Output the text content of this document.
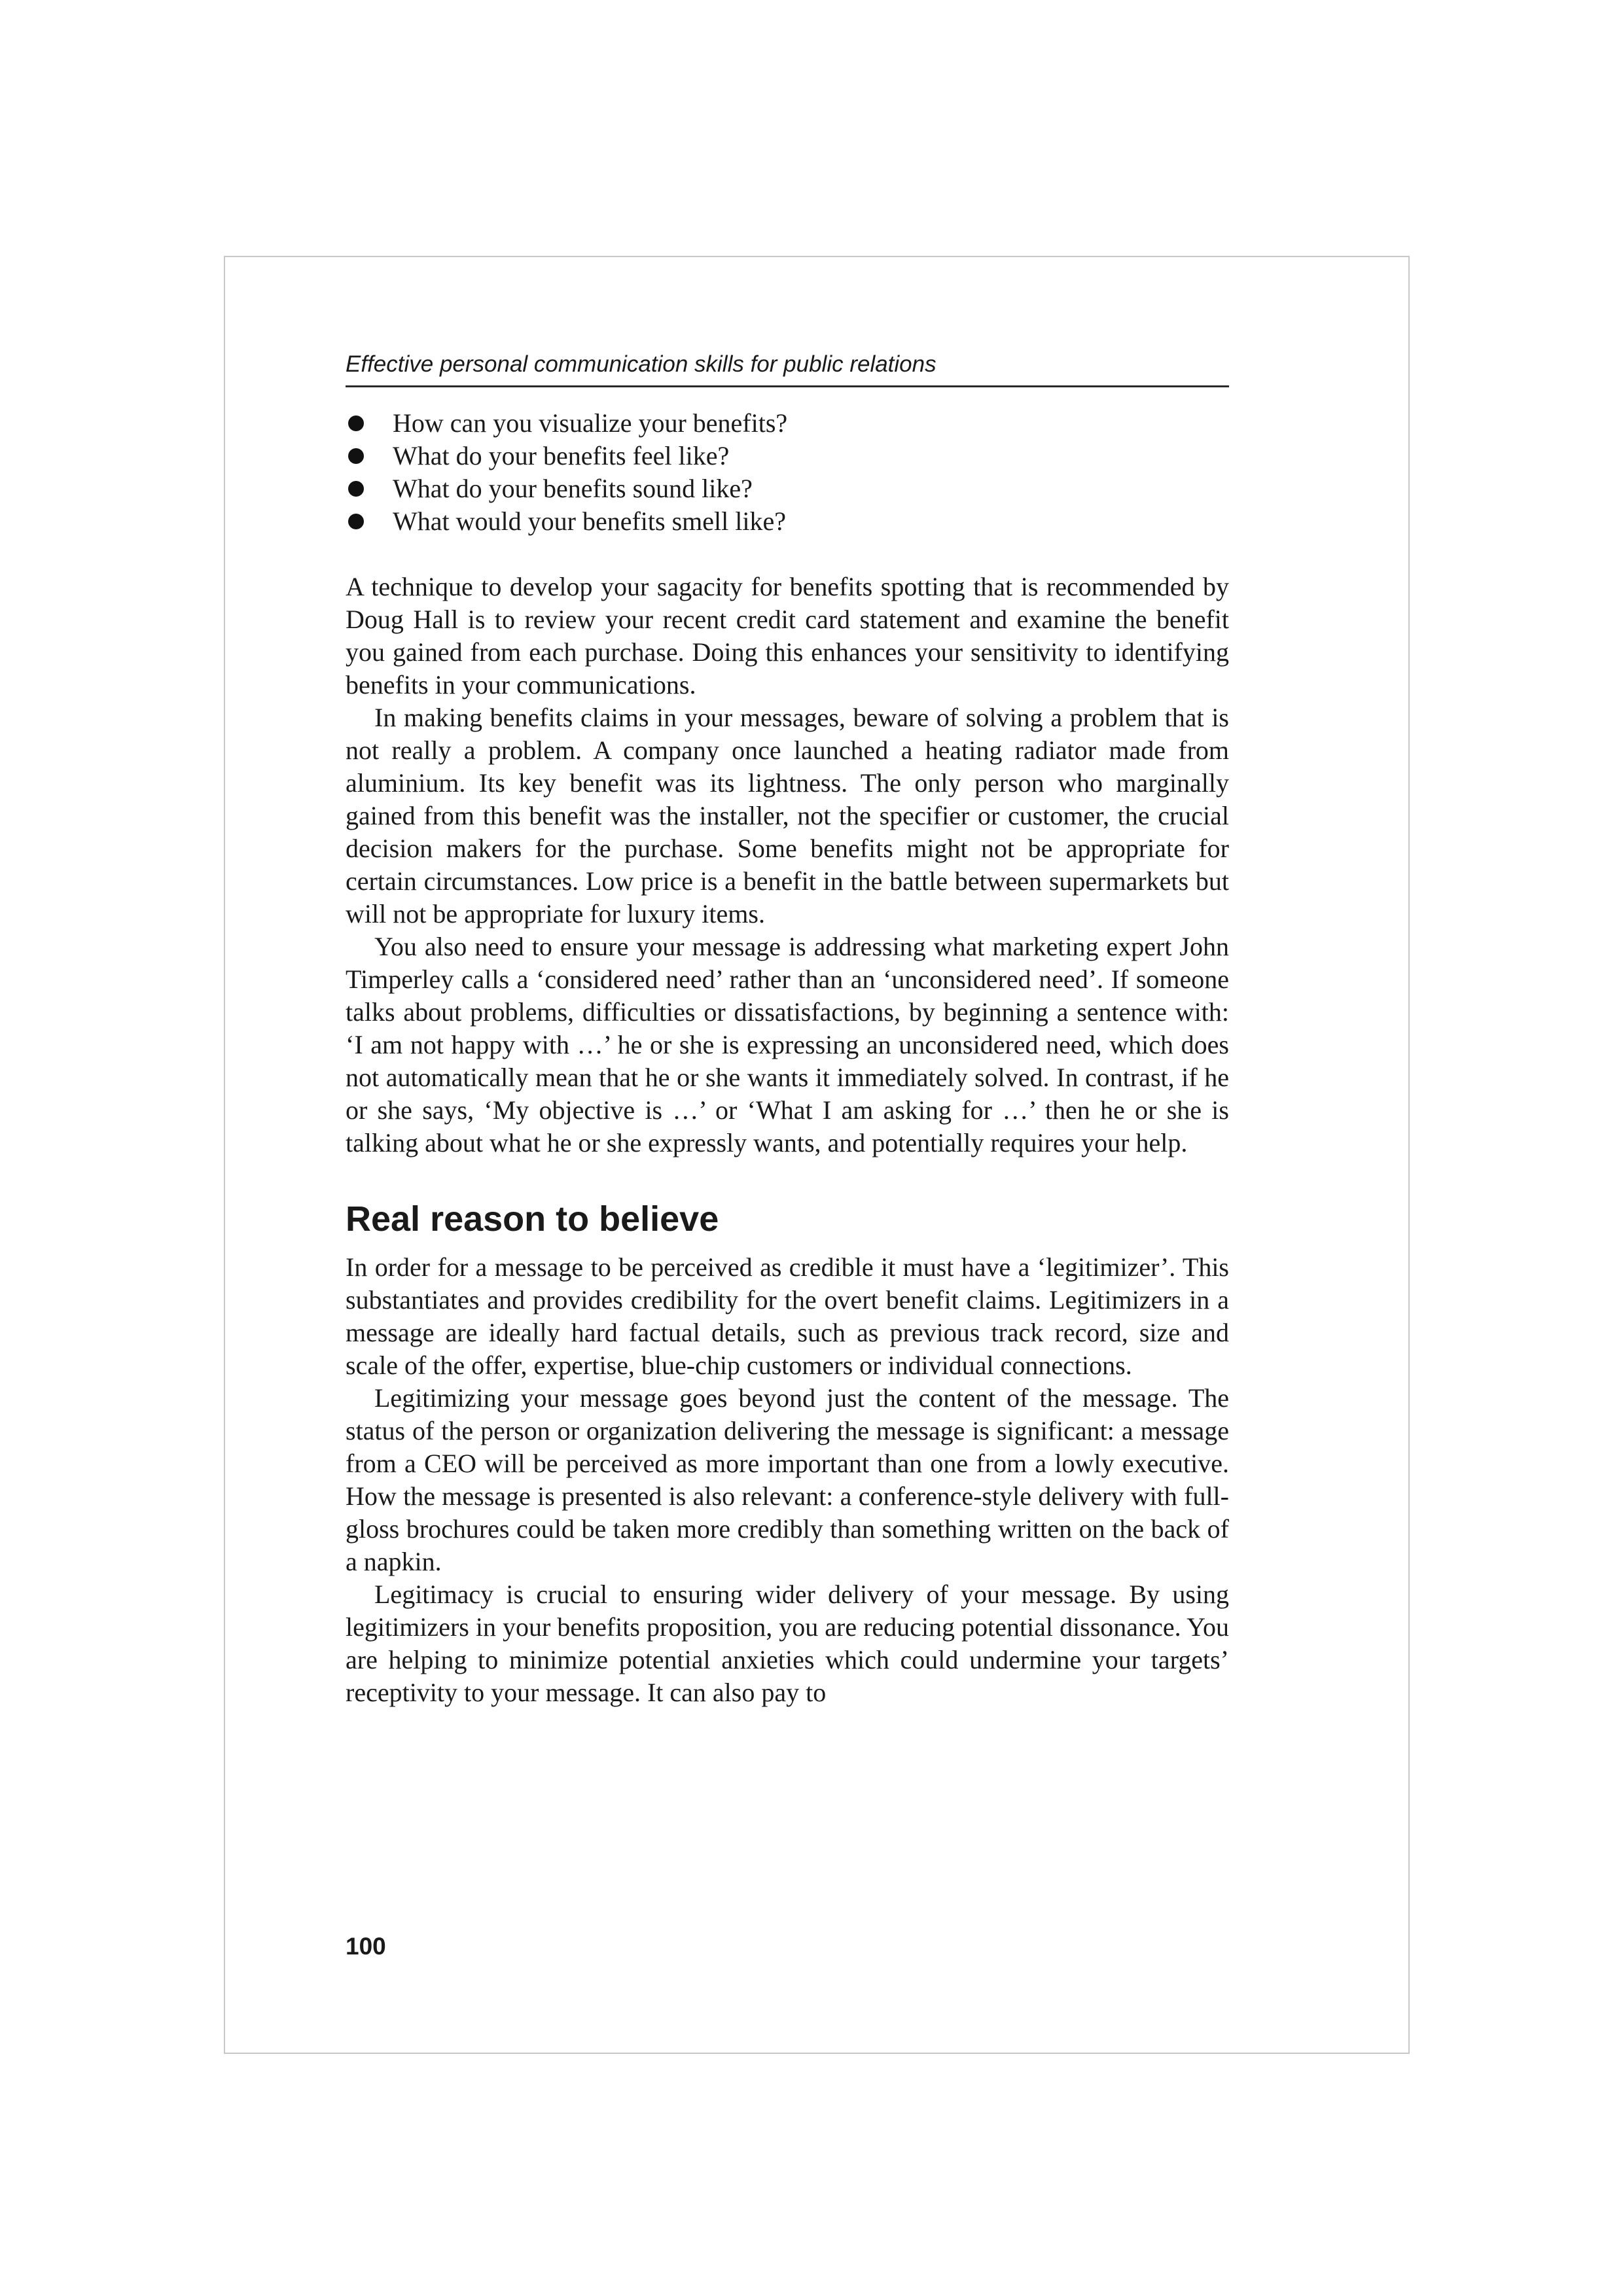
Effective personal communication skills for public relations

How can you visualize your benefits?
What do your benefits feel like?
What do your benefits sound like?
What would your benefits smell like?

A technique to develop your sagacity for benefits spotting that is recommended by Doug Hall is to review your recent credit card statement and examine the benefit you gained from each purchase. Doing this enhances your sensitivity to identifying benefits in your communications.

In making benefits claims in your messages, beware of solving a problem that is not really a problem. A company once launched a heating radiator made from aluminium. Its key benefit was its lightness. The only person who marginally gained from this benefit was the installer, not the specifier or customer, the crucial decision makers for the purchase. Some benefits might not be appropriate for certain circumstances. Low price is a benefit in the battle between supermarkets but will not be appropriate for luxury items.

You also need to ensure your message is addressing what marketing expert John Timperley calls a ‘considered need’ rather than an ‘unconsidered need’. If someone talks about problems, difficulties or dissatisfactions, by beginning a sentence with: ‘I am not happy with …’ he or she is expressing an unconsidered need, which does not automatically mean that he or she wants it immediately solved. In contrast, if he or she says, ‘My objective is …’ or ‘What I am asking for …’ then he or she is talking about what he or she expressly wants, and potentially requires your help.

Real reason to believe

In order for a message to be perceived as credible it must have a ‘legitimizer’. This substantiates and provides credibility for the overt benefit claims. Legitimizers in a message are ideally hard factual details, such as previous track record, size and scale of the offer, expertise, blue-chip customers or individual connections.

Legitimizing your message goes beyond just the content of the message. The status of the person or organization delivering the message is significant: a message from a CEO will be perceived as more important than one from a lowly executive. How the message is presented is also relevant: a conference-style delivery with full-gloss brochures could be taken more credibly than something written on the back of a napkin.

Legitimacy is crucial to ensuring wider delivery of your message. By using legitimizers in your benefits proposition, you are reducing potential dissonance. You are helping to minimize potential anxieties which could undermine your targets’ receptivity to your message. It can also pay to

100
